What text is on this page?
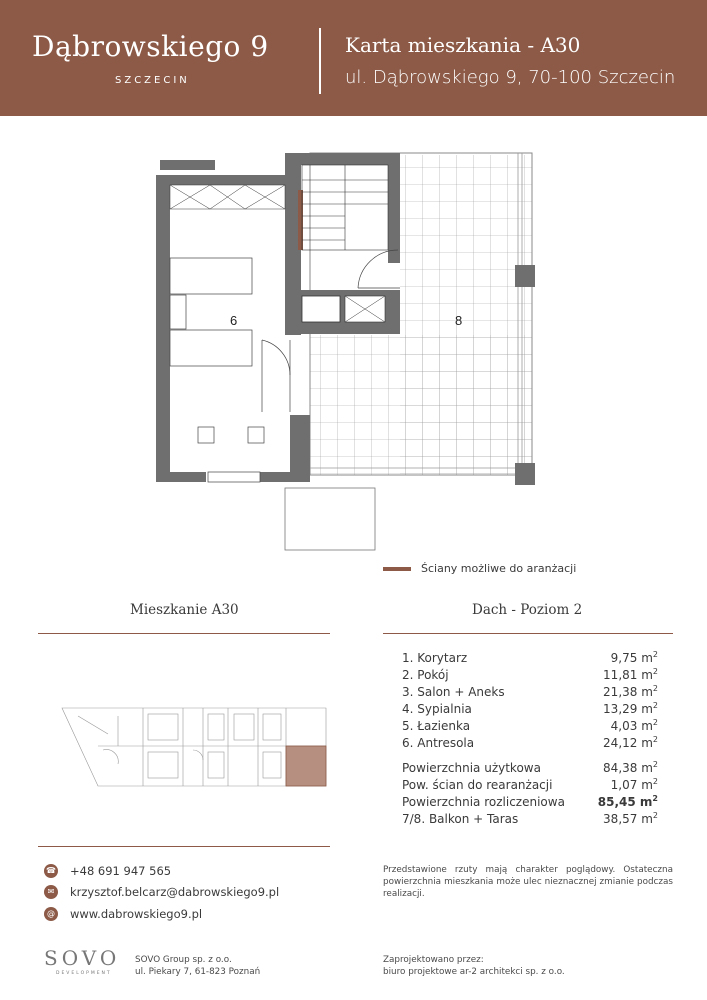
Dąbrowskiego 9
SZCZECIN
Karta mieszkania - A30
ul. Dąbrowskiego 9, 70-100 Szczecin
6	8
Ściany możliwe do aranżacji
Mieszkanie A30	Dach - Poziom 2
1. Korytarz	9,75 $m^2$
2. Pokój	11,81 $m^2$
3. Salon + Aneks	21,38 $m^2$
4. Sypialnia	13,29 $m^2$
5. Łazienka	4,03 $m^2$
6. Antresola	24,12 $m^2$
Powierzchnia użytkowa	84,38 $m^2$
Pow. ścian do rearanżacji	1,07 $m^2$
Powierzchnia rozliczeniowa	85,45 $m^2$
7/8. Balkon + Taras	38,57 $m^2$
☎ +48 691 947 565
✉	krzysztof.belcarz@dabrowskiego9.pl
@ www.dabrowskiego9.pl
Przedstawione rzuty mają charakter poglądowy. Ostateczna powierzchnia mieszkania może ulec nieznacznej zmianie podczas realizacji.
SOVO
DEVELOPMENT
SOVO Group sp. z o.o.
ul. Piekary 7, 61-823 Poznań
Zaprojektowano przez:
biuro projektowe ar-2 architekci sp. z o.o.
